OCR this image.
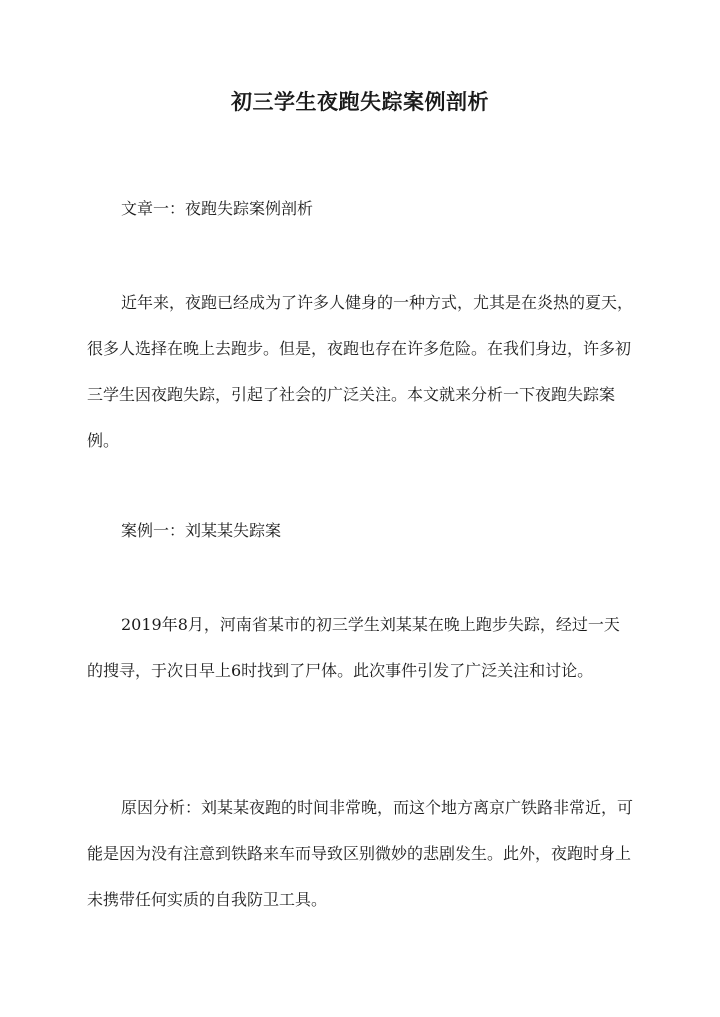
初三学生夜跑失踪案例剖析

文章一：夜跑失踪案例剖析

近年来，夜跑已经成为了许多人健身的一种方式，尤其是在炎热的夏天，很多人选择在晚上去跑步。但是，夜跑也存在许多危险。在我们身边，许多初三学生因夜跑失踪，引起了社会的广泛关注。本文就来分析一下夜跑失踪案例。

案例一：刘某某失踪案

2019年8月，河南省某市的初三学生刘某某在晚上跑步失踪，经过一天的搜寻，于次日早上6时找到了尸体。此次事件引发了广泛关注和讨论。

原因分析：刘某某夜跑的时间非常晚，而这个地方离京广铁路非常近，可能是因为没有注意到铁路来车而导致区别微妙的悲剧发生。此外，夜跑时身上未携带任何实质的自我防卫工具。
